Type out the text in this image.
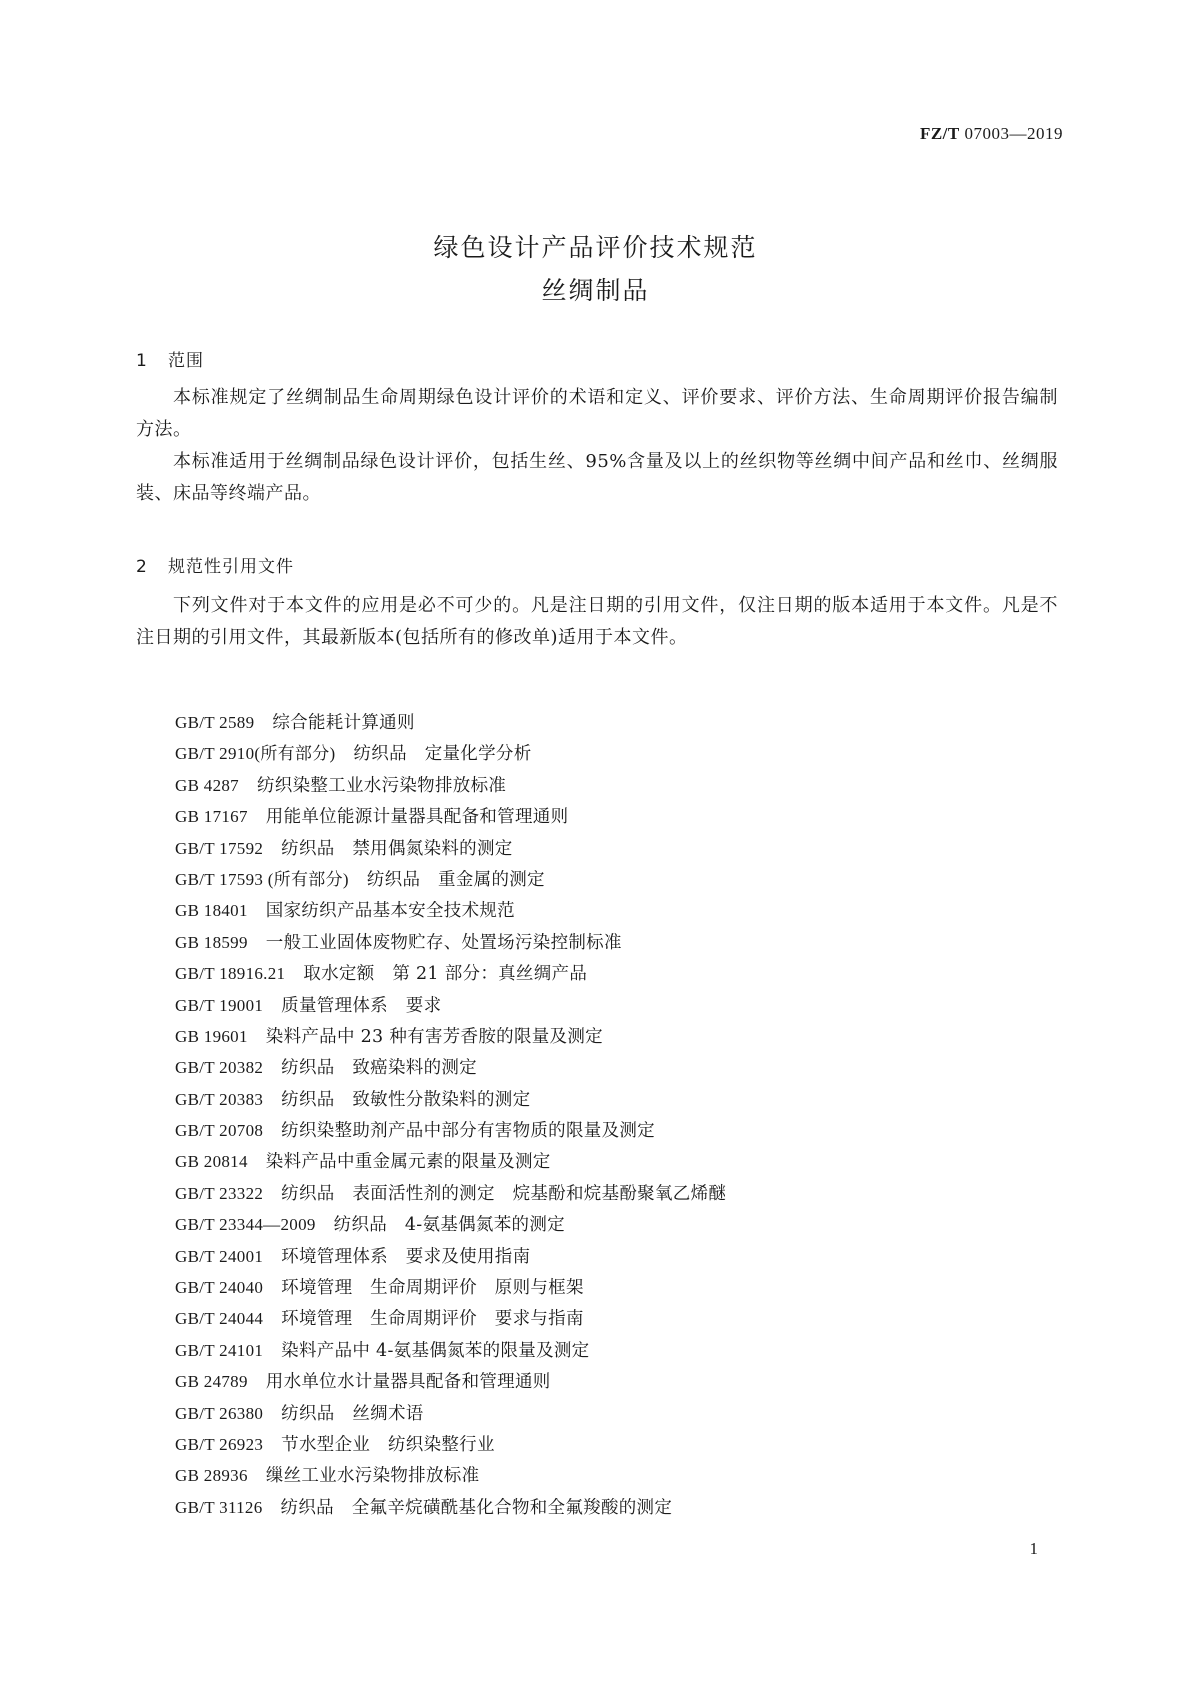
FZ/T 07003—2019
绿色设计产品评价技术规范
丝绸制品
1 范围

本标准规定了丝绸制品生命周期绿色设计评价的术语和定义、评价要求、评价方法、生命周期评价报告编制方法。

本标准适用于丝绸制品绿色设计评价，包括生丝、95%含量及以上的丝织物等丝绸中间产品和丝巾、丝绸服装、床品等终端产品。

2 规范性引用文件

下列文件对于本文件的应用是必不可少的。凡是注日期的引用文件，仅注日期的版本适用于本文件。凡是不注日期的引用文件，其最新版本(包括所有的修改单)适用于本文件。

GB/T 2589 综合能耗计算通则
GB/T 2910(所有部分) 纺织品　定量化学分析
GB 4287 纺织染整工业水污染物排放标准
GB 17167 用能单位能源计量器具配备和管理通则
GB/T 17592 纺织品　禁用偶氮染料的测定
GB/T 17593 (所有部分) 纺织品　重金属的测定
GB 18401 国家纺织产品基本安全技术规范
GB 18599 一般工业固体废物贮存、处置场污染控制标准
GB/T 18916.21 取水定额　第 21 部分：真丝绸产品
GB/T 19001 质量管理体系　要求
GB 19601 染料产品中 23 种有害芳香胺的限量及测定
GB/T 20382 纺织品　致癌染料的测定
GB/T 20383 纺织品　致敏性分散染料的测定
GB/T 20708 纺织染整助剂产品中部分有害物质的限量及测定
GB 20814 染料产品中重金属元素的限量及测定
GB/T 23322 纺织品　表面活性剂的测定　烷基酚和烷基酚聚氧乙烯醚
GB/T 23344—2009 纺织品　4-氨基偶氮苯的测定
GB/T 24001 环境管理体系　要求及使用指南
GB/T 24040 环境管理　生命周期评价　原则与框架
GB/T 24044 环境管理　生命周期评价　要求与指南
GB/T 24101 染料产品中 4-氨基偶氮苯的限量及测定
GB 24789 用水单位水计量器具配备和管理通则
GB/T 26380 纺织品　丝绸术语
GB/T 26923 节水型企业　纺织染整行业
GB 28936 缫丝工业水污染物排放标准
GB/T 31126 纺织品　全氟辛烷磺酰基化合物和全氟羧酸的测定
1
